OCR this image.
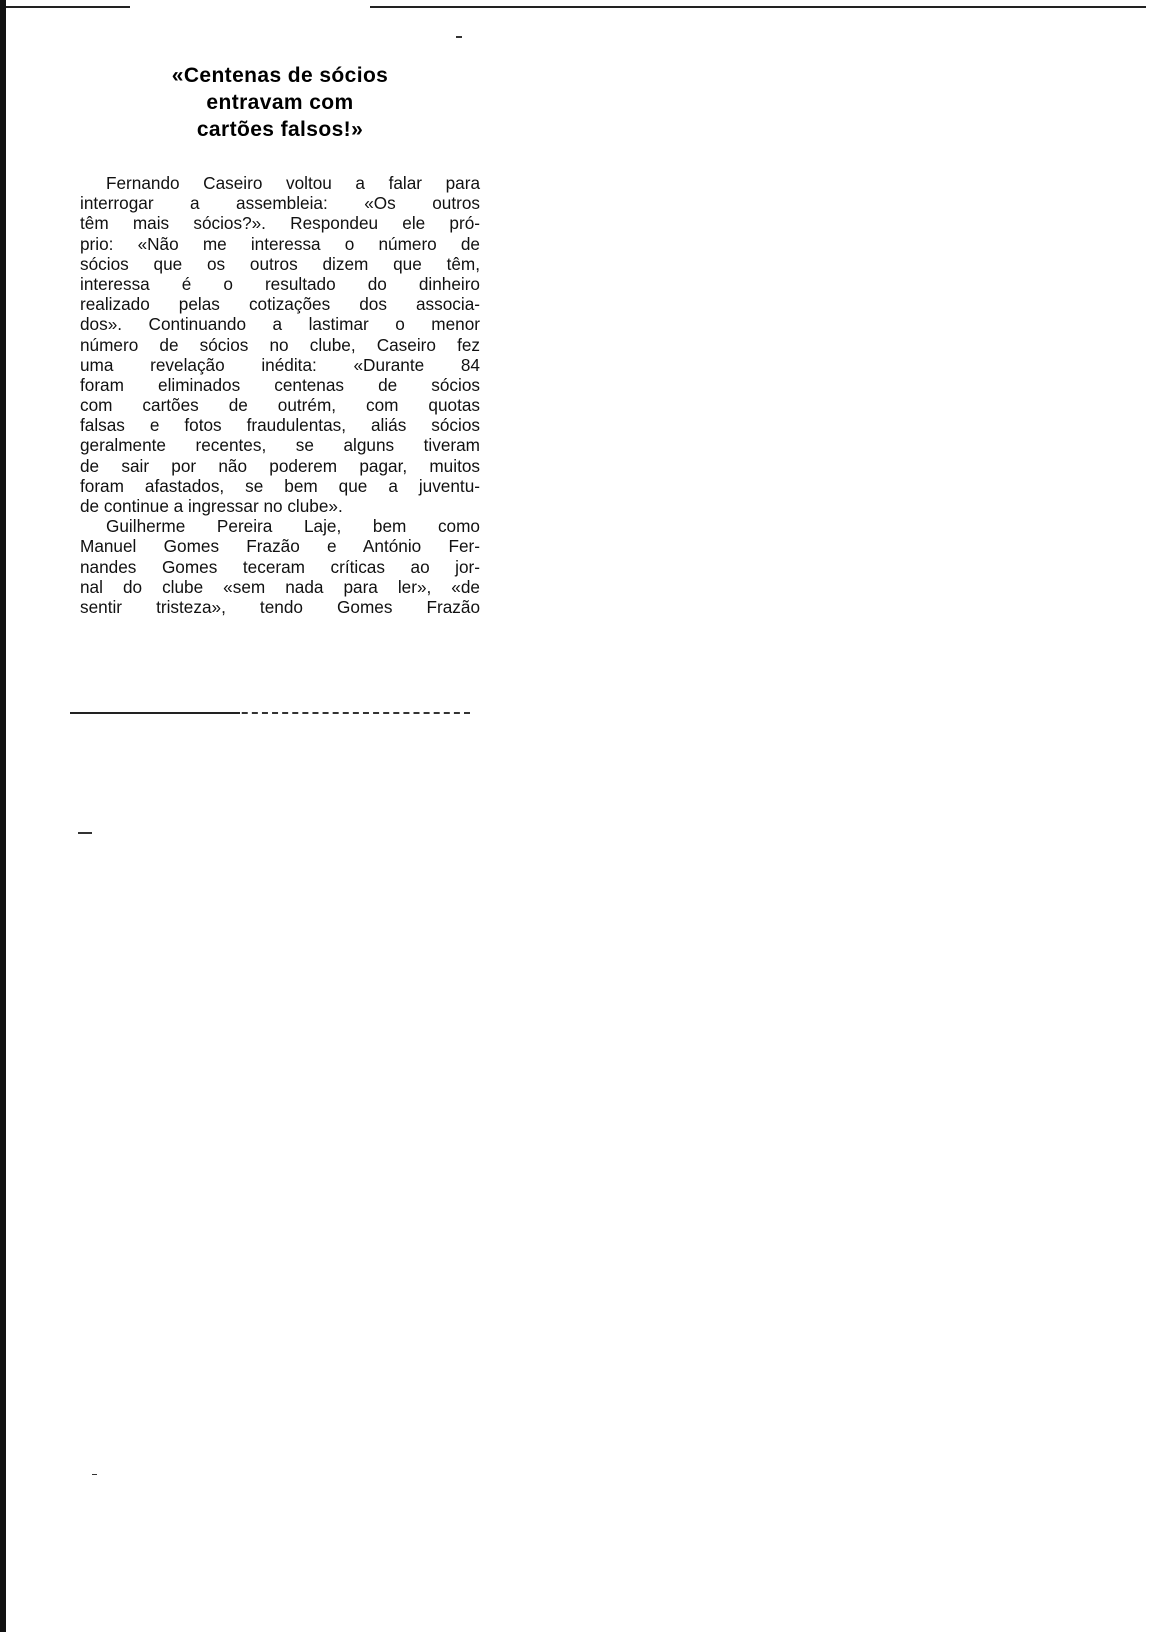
«Centenas de sócios
entravam com
cartões falsos!»
Fernando Caseiro voltou a falar para
interrogar a assembleia: «Os outros
têm mais sócios?». Respondeu ele pró-
prio: «Não me interessa o número de
sócios que os outros dizem que têm,
interessa é o resultado do dinheiro
realizado pelas cotizações dos associa-
dos». Continuando a lastimar o menor
número de sócios no clube, Caseiro fez
uma revelação inédita: «Durante 84
foram eliminados centenas de sócios
com cartões de outrém, com quotas
falsas e fotos fraudulentas, aliás sócios
geralmente recentes, se alguns tiveram
de sair por não poderem pagar, muitos
foram afastados, se bem que a juventu-
de continue a ingressar no clube».
Guilherme Pereira Laje, bem como
Manuel Gomes Frazão e António Fer-
nandes Gomes teceram críticas ao jor-
nal do clube «sem nada para ler», «de
sentir tristeza», tendo Gomes Frazão
